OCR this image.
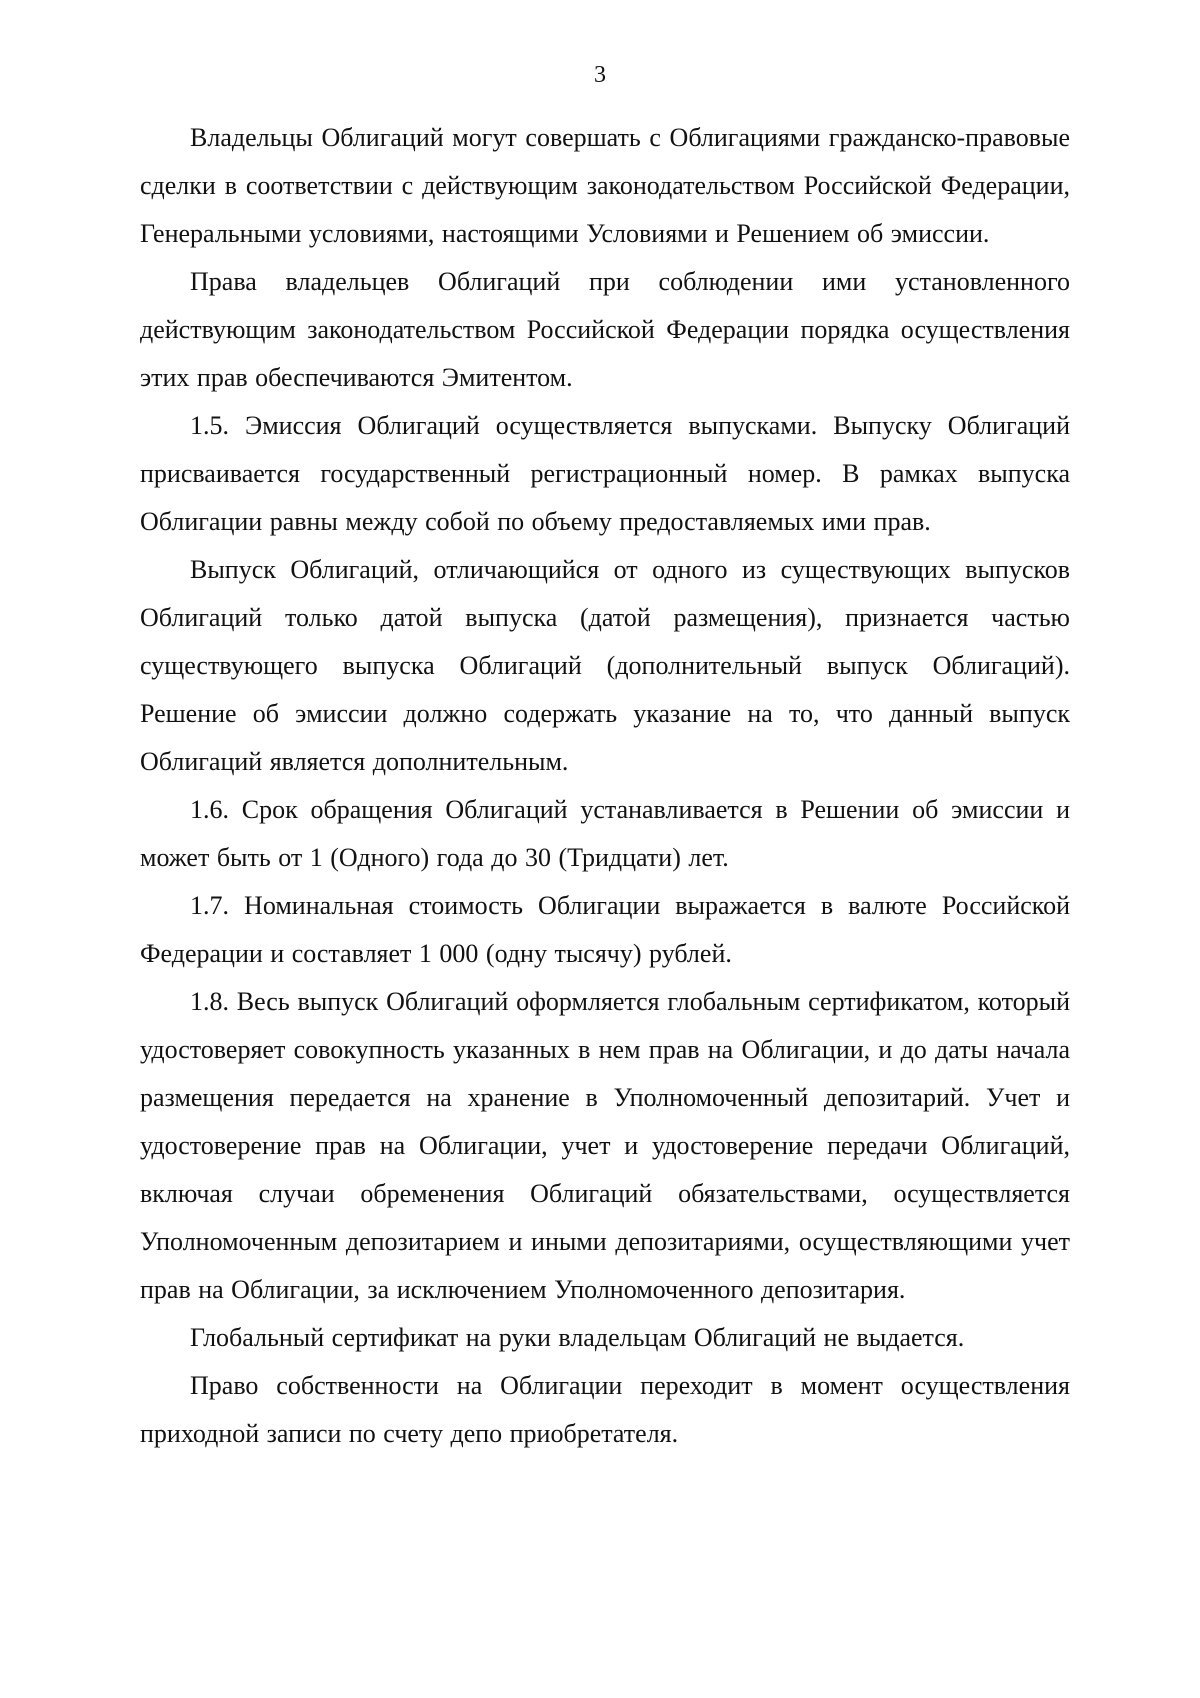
3

Владельцы Облигаций могут совершать с Облигациями гражданско-правовые сделки в соответствии с действующим законодательством Российской Федерации, Генеральными условиями, настоящими Условиями и Решением об эмиссии.

Права владельцев Облигаций при соблюдении ими установленного действующим законодательством Российской Федерации порядка осуществления этих прав обеспечиваются Эмитентом.

1.5. Эмиссия Облигаций осуществляется выпусками. Выпуску Облигаций присваивается государственный регистрационный номер. В рамках выпуска Облигации равны между собой по объему предоставляемых ими прав.

Выпуск Облигаций, отличающийся от одного из существующих выпусков Облигаций только датой выпуска (датой размещения), признается частью существующего выпуска Облигаций (дополнительный выпуск Облигаций). Решение об эмиссии должно содержать указание на то, что данный выпуск Облигаций является дополнительным.

1.6. Срок обращения Облигаций устанавливается в Решении об эмиссии и может быть от 1 (Одного) года до 30 (Тридцати) лет.

1.7. Номинальная стоимость Облигации выражается в валюте Российской Федерации и составляет 1 000 (одну тысячу) рублей.

1.8. Весь выпуск Облигаций оформляется глобальным сертификатом, который удостоверяет совокупность указанных в нем прав на Облигации, и до даты начала размещения передается на хранение в Уполномоченный депозитарий. Учет и удостоверение прав на Облигации, учет и удостоверение передачи Облигаций, включая случаи обременения Облигаций обязательствами, осуществляется Уполномоченным депозитарием и иными депозитариями, осуществляющими учет прав на Облигации, за исключением Уполномоченного депозитария.

Глобальный сертификат на руки владельцам Облигаций не выдается.

Право собственности на Облигации переходит в момент осуществления приходной записи по счету депо приобретателя.
